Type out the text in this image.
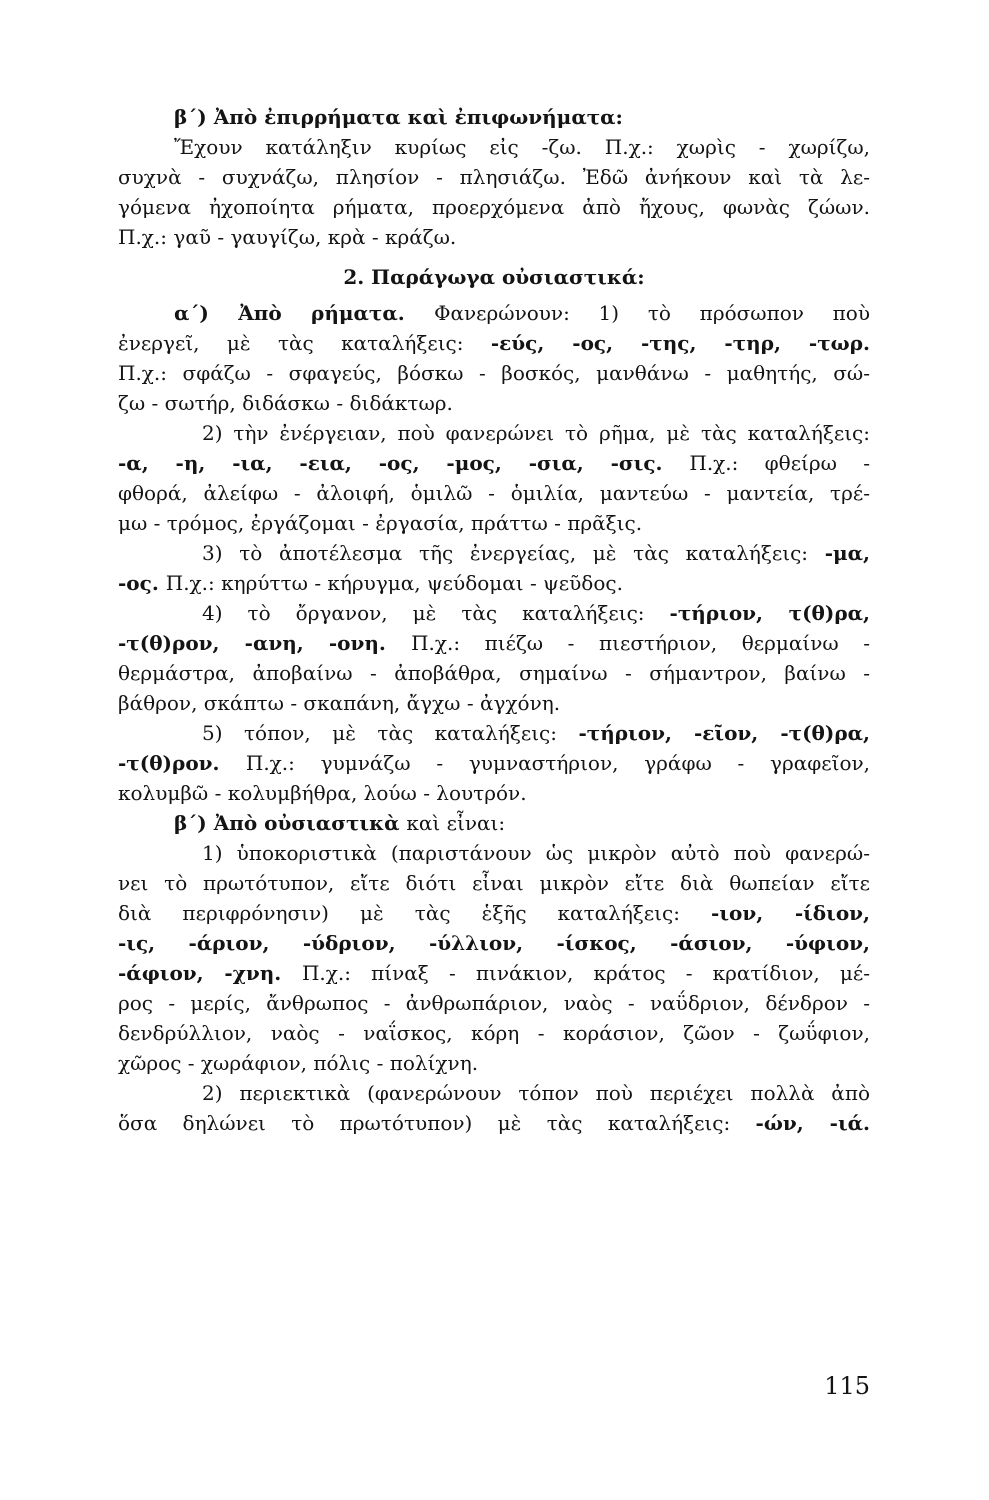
β΄) Ἀπὸ ἐπιρρήματα καὶ ἐπιφωνήματα:
Ἔχουν κατάληξιν κυρίως εἰς -ζω. Π.χ.: χωρὶς - χωρίζω,
συχνὰ - συχνάζω, πλησίον - πλησιάζω. Ἐδῶ ἀνήκουν καὶ τὰ λε-
γόμενα ἠχοποίητα ρήματα, προερχόμενα ἀπὸ ἤχους, φωνὰς ζώων.
Π.χ.: γαῦ - γαυγίζω, κρὰ - κράζω.
2. Παράγωγα οὐσιαστικά:
α΄) Ἀπὸ ρήματα. Φανερώνουν: 1) τὸ πρόσωπον ποὺ
ἐνεργεῖ, μὲ τὰς καταλήξεις: -εύς, -ος, -της, -τηρ, -τωρ.
Π.χ.: σφάζω - σφαγεύς, βόσκω - βοσκός, μανθάνω - μαθητής, σώ-
ζω - σωτήρ, διδάσκω - διδάκτωρ.
2) τὴν ἐνέργειαν, ποὺ φανερώνει τὸ ρῆμα, μὲ τὰς καταλήξεις:
-α, -η, -ια, -εια, -ος, -μος, -σια, -σις. Π.χ.: φθείρω -
φθορά, ἀλείφω - ἀλοιφή, ὁμιλῶ - ὁμιλία, μαντεύω - μαντεία, τρέ-
μω - τρόμος, ἐργάζομαι - ἐργασία, πράττω - πρᾶξις.
3) τὸ ἀποτέλεσμα τῆς ἐνεργείας, μὲ τὰς καταλήξεις: -μα,
-ος. Π.χ.: κηρύττω - κήρυγμα, ψεύδομαι - ψεῦδος.
4) τὸ ὄργανον, μὲ τὰς καταλήξεις: -τήριον, τ(θ)ρα,
-τ(θ)ρον, -ανη, -ονη. Π.χ.: πιέζω - πιεστήριον, θερμαίνω -
θερμάστρα, ἀποβαίνω - ἀποβάθρα, σημαίνω - σήμαντρον, βαίνω -
βάθρον, σκάπτω - σκαπάνη, ἄγχω - ἀγχόνη.
5) τόπον, μὲ τὰς καταλήξεις: -τήριον, -εῖον, -τ(θ)ρα,
-τ(θ)ρον. Π.χ.: γυμνάζω - γυμναστήριον, γράφω - γραφεῖον,
κολυμβῶ - κολυμβήθρα, λούω - λουτρόν.
β΄) Ἀπὸ οὐσιαστικὰ καὶ εἶναι:
1) ὑποκοριστικὰ (παριστάνουν ὡς μικρὸν αὐτὸ ποὺ φανερώ-
νει τὸ πρωτότυπον, εἴτε διότι εἶναι μικρὸν εἴτε διὰ θωπείαν εἴτε
διὰ περιφρόνησιν) μὲ τὰς ἑξῆς καταλήξεις: -ιον, -ίδιον,
-ις, -άριον, -ύδριον, -ύλλιον, -ίσκος, -άσιον, -ύφιον,
-άφιον, -χνη. Π.χ.: πίναξ - πινάκιον, κράτος - κρατίδιον, μέ-
ρος - μερίς, ἄνθρωπος - ἀνθρωπάριον, ναὸς - ναΰδριον, δένδρον -
δενδρύλλιον, ναὸς - ναΐσκος, κόρη - κοράσιον, ζῶον - ζωΰφιον,
χῶρος - χωράφιον, πόλις - πολίχνη.
2) περιεκτικὰ (φανερώνουν τόπον ποὺ περιέχει πολλὰ ἀπὸ
ὅσα δηλώνει τὸ πρωτότυπον) μὲ τὰς καταλήξεις: -ών, -ιά.
115
